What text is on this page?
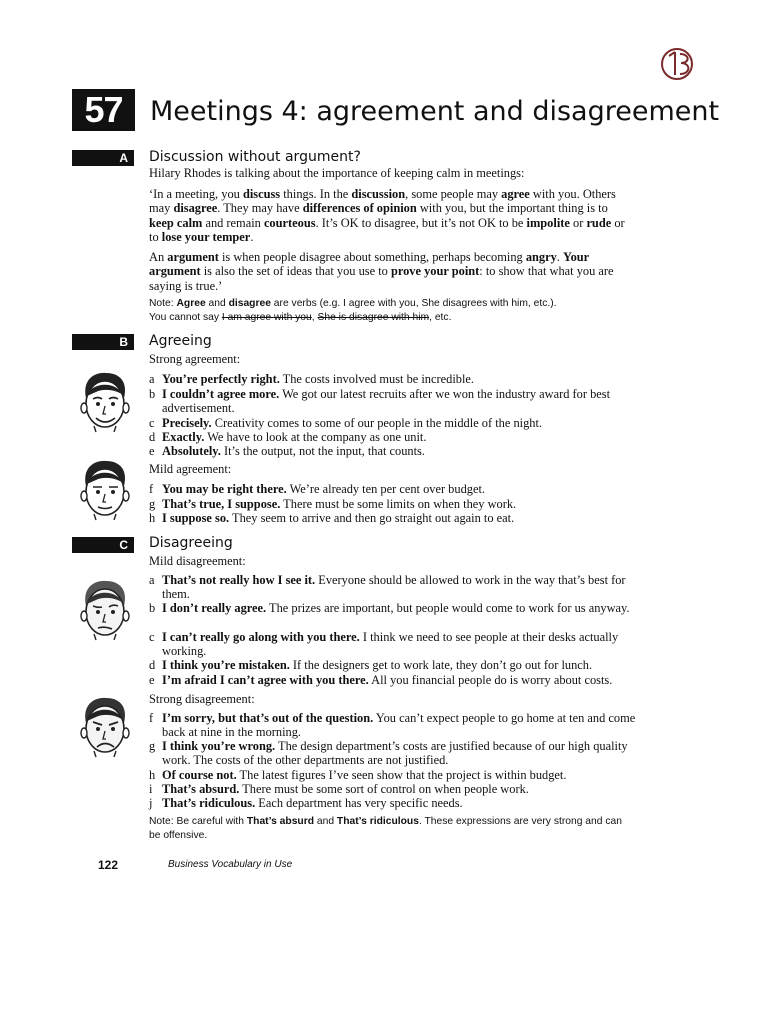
57	Meetings 4: agreement and disagreement
A Discussion without argument?
Hilary Rhodes is talking about the importance of keeping calm in meetings:
‘In a meeting, you discuss things. In the discussion, some people may agree with you. Others may disagree. They may have differences of opinion with you, but the important thing is to keep calm and remain courteous. It’s OK to disagree, but it’s not OK to be impolite or rude or to lose your temper.
An argument is when people disagree about something, perhaps becoming angry. Your argument is also the set of ideas that you use to prove your point: to show that what you are saying is true.’
Note: Agree and disagree are verbs (e.g. I agree with you, She disagrees with him, etc.).
You cannot say I am agree with you, She is disagree with him, etc.
B Agreeing
Strong agreement:
a You’re perfectly right. The costs involved must be incredible.
b I couldn’t agree more. We got our latest recruits after we won the industry award for best advertisement.
c Precisely. Creativity comes to some of our people in the middle of the night.
d Exactly. We have to look at the company as one unit.
e Absolutely. It’s the output, not the input, that counts.
Mild agreement:
f You may be right there. We’re already ten per cent over budget.
g That’s true, I suppose. There must be some limits on when they work.
h I suppose so. They seem to arrive and then go straight out again to eat.
C Disagreeing
Mild disagreement:
a That’s not really how I see it. Everyone should be allowed to work in the way that’s best for them.
b I don’t really agree. The prizes are important, but people would come to work for us anyway.
c I can’t really go along with you there. I think we need to see people at their desks actually working.
d I think you’re mistaken. If the designers get to work late, they don’t go out for lunch.
e I’m afraid I can’t agree with you there. All you financial people do is worry about costs.
Strong disagreement:
f I’m sorry, but that’s out of the question. You can’t expect people to go home at ten and come back at nine in the morning.
g I think you’re wrong. The design department’s costs are justified because of our high quality work. The costs of the other departments are not justified.
h Of course not. The latest figures I’ve seen show that the project is within budget.
i That’s absurd. There must be some sort of control on when people work.
j That’s ridiculous. Each department has very specific needs.
Note: Be careful with That’s absurd and That’s ridiculous. These expressions are very strong and can be offensive.
122	Business Vocabulary in Use
